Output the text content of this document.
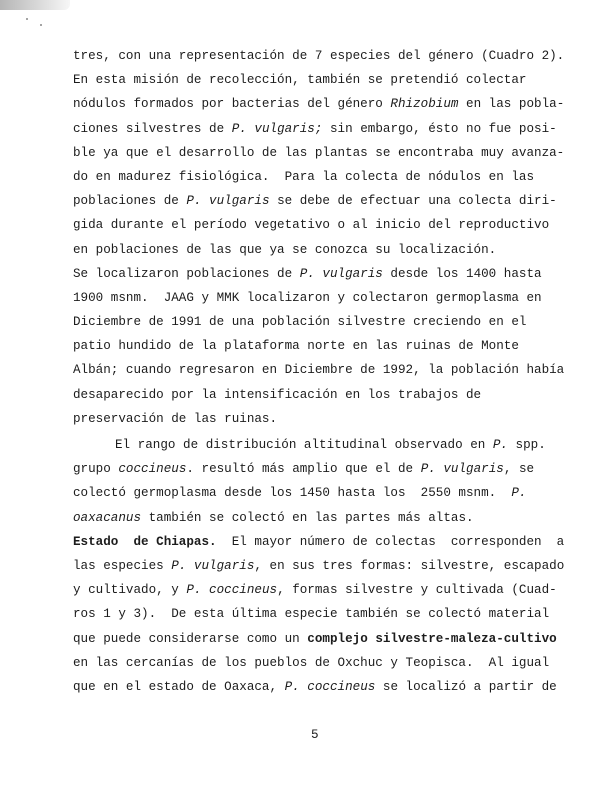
tres, con una representación de 7 especies del género (Cuadro 2).
En esta misión de recolección, también se pretendió colectar
nódulos formados por bacterias del género Rhizobium en las pobla-
ciones silvestres de P. vulgaris; sin embargo, ésto no fue posi-
ble ya que el desarrollo de las plantas se encontraba muy avanza-
do en madurez fisiológica.  Para la colecta de nódulos en las
poblaciones de P. vulgaris se debe de efectuar una colecta diri-
gida durante el período vegetativo o al inicio del reproductivo
en poblaciones de las que ya se conozca su localización.
Se localizaron poblaciones de P. vulgaris desde los 1400 hasta
1900 msnm.  JAAG y MMK localizaron y colectaron germoplasma en
Diciembre de 1991 de una población silvestre creciendo en el
patio hundido de la plataforma norte en las ruinas de Monte
Albán; cuando regresaron en Diciembre de 1992, la población había
desaparecido por la intensificación en los trabajos de
preservación de las ruinas.
El rango de distribución altitudinal observado en P. spp.
grupo coccineus. resultó más amplio que el de P. vulgaris, se
colectó germoplasma desde los 1450 hasta los  2550 msnm.  P.
oaxacanus también se colectó en las partes más altas.
Estado  de Chiapas.  El mayor número de colectas  corresponden  a
las especies P. vulgaris, en sus tres formas: silvestre, escapado
y cultivado, y P. coccineus, formas silvestre y cultivada (Cuad-
ros 1 y 3).  De esta última especie también se colectó material
que puede considerarse como un complejo silvestre-maleza-cultivo
en las cercanías de los pueblos de Oxchuc y Teopisca.  Al igual
que en el estado de Oaxaca, P. coccineus se localizó a partir de
5
